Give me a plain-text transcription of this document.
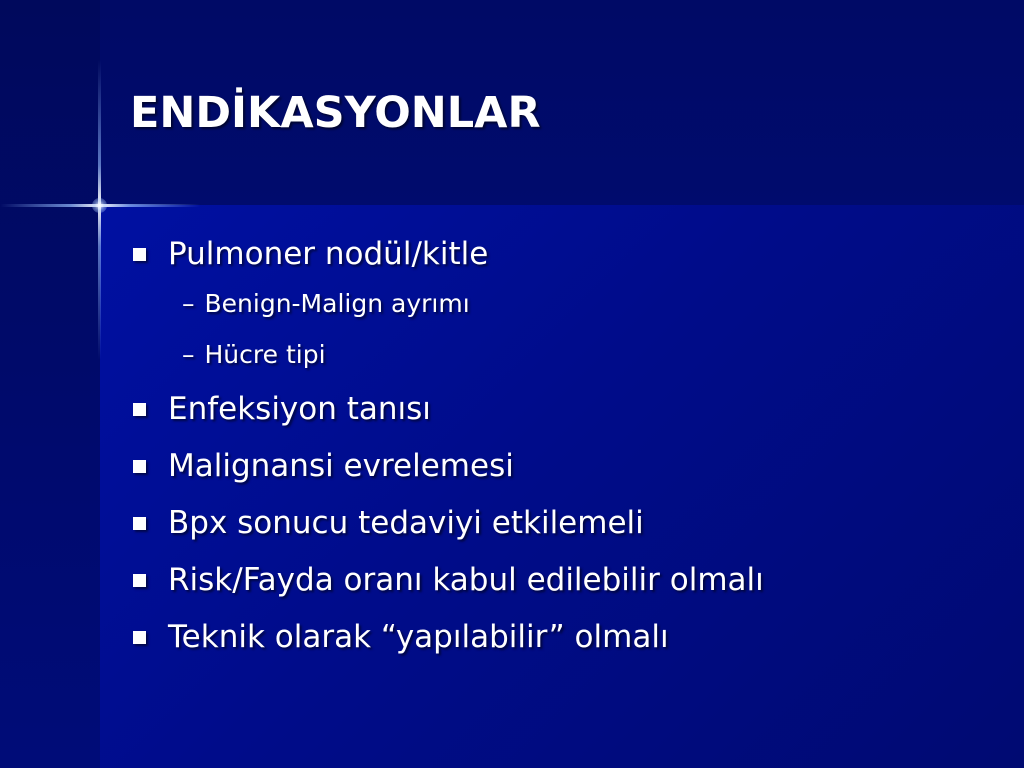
ENDİKASYONLAR
Pulmoner nodül/kitle
– Benign-Malign ayrımı
– Hücre tipi
Enfeksiyon tanısı
Malignansi evrelemesi
Bpx sonucu tedaviyi etkilemeli
Risk/Fayda oranı kabul edilebilir olmalı
Teknik olarak “yapılabilir” olmalı
